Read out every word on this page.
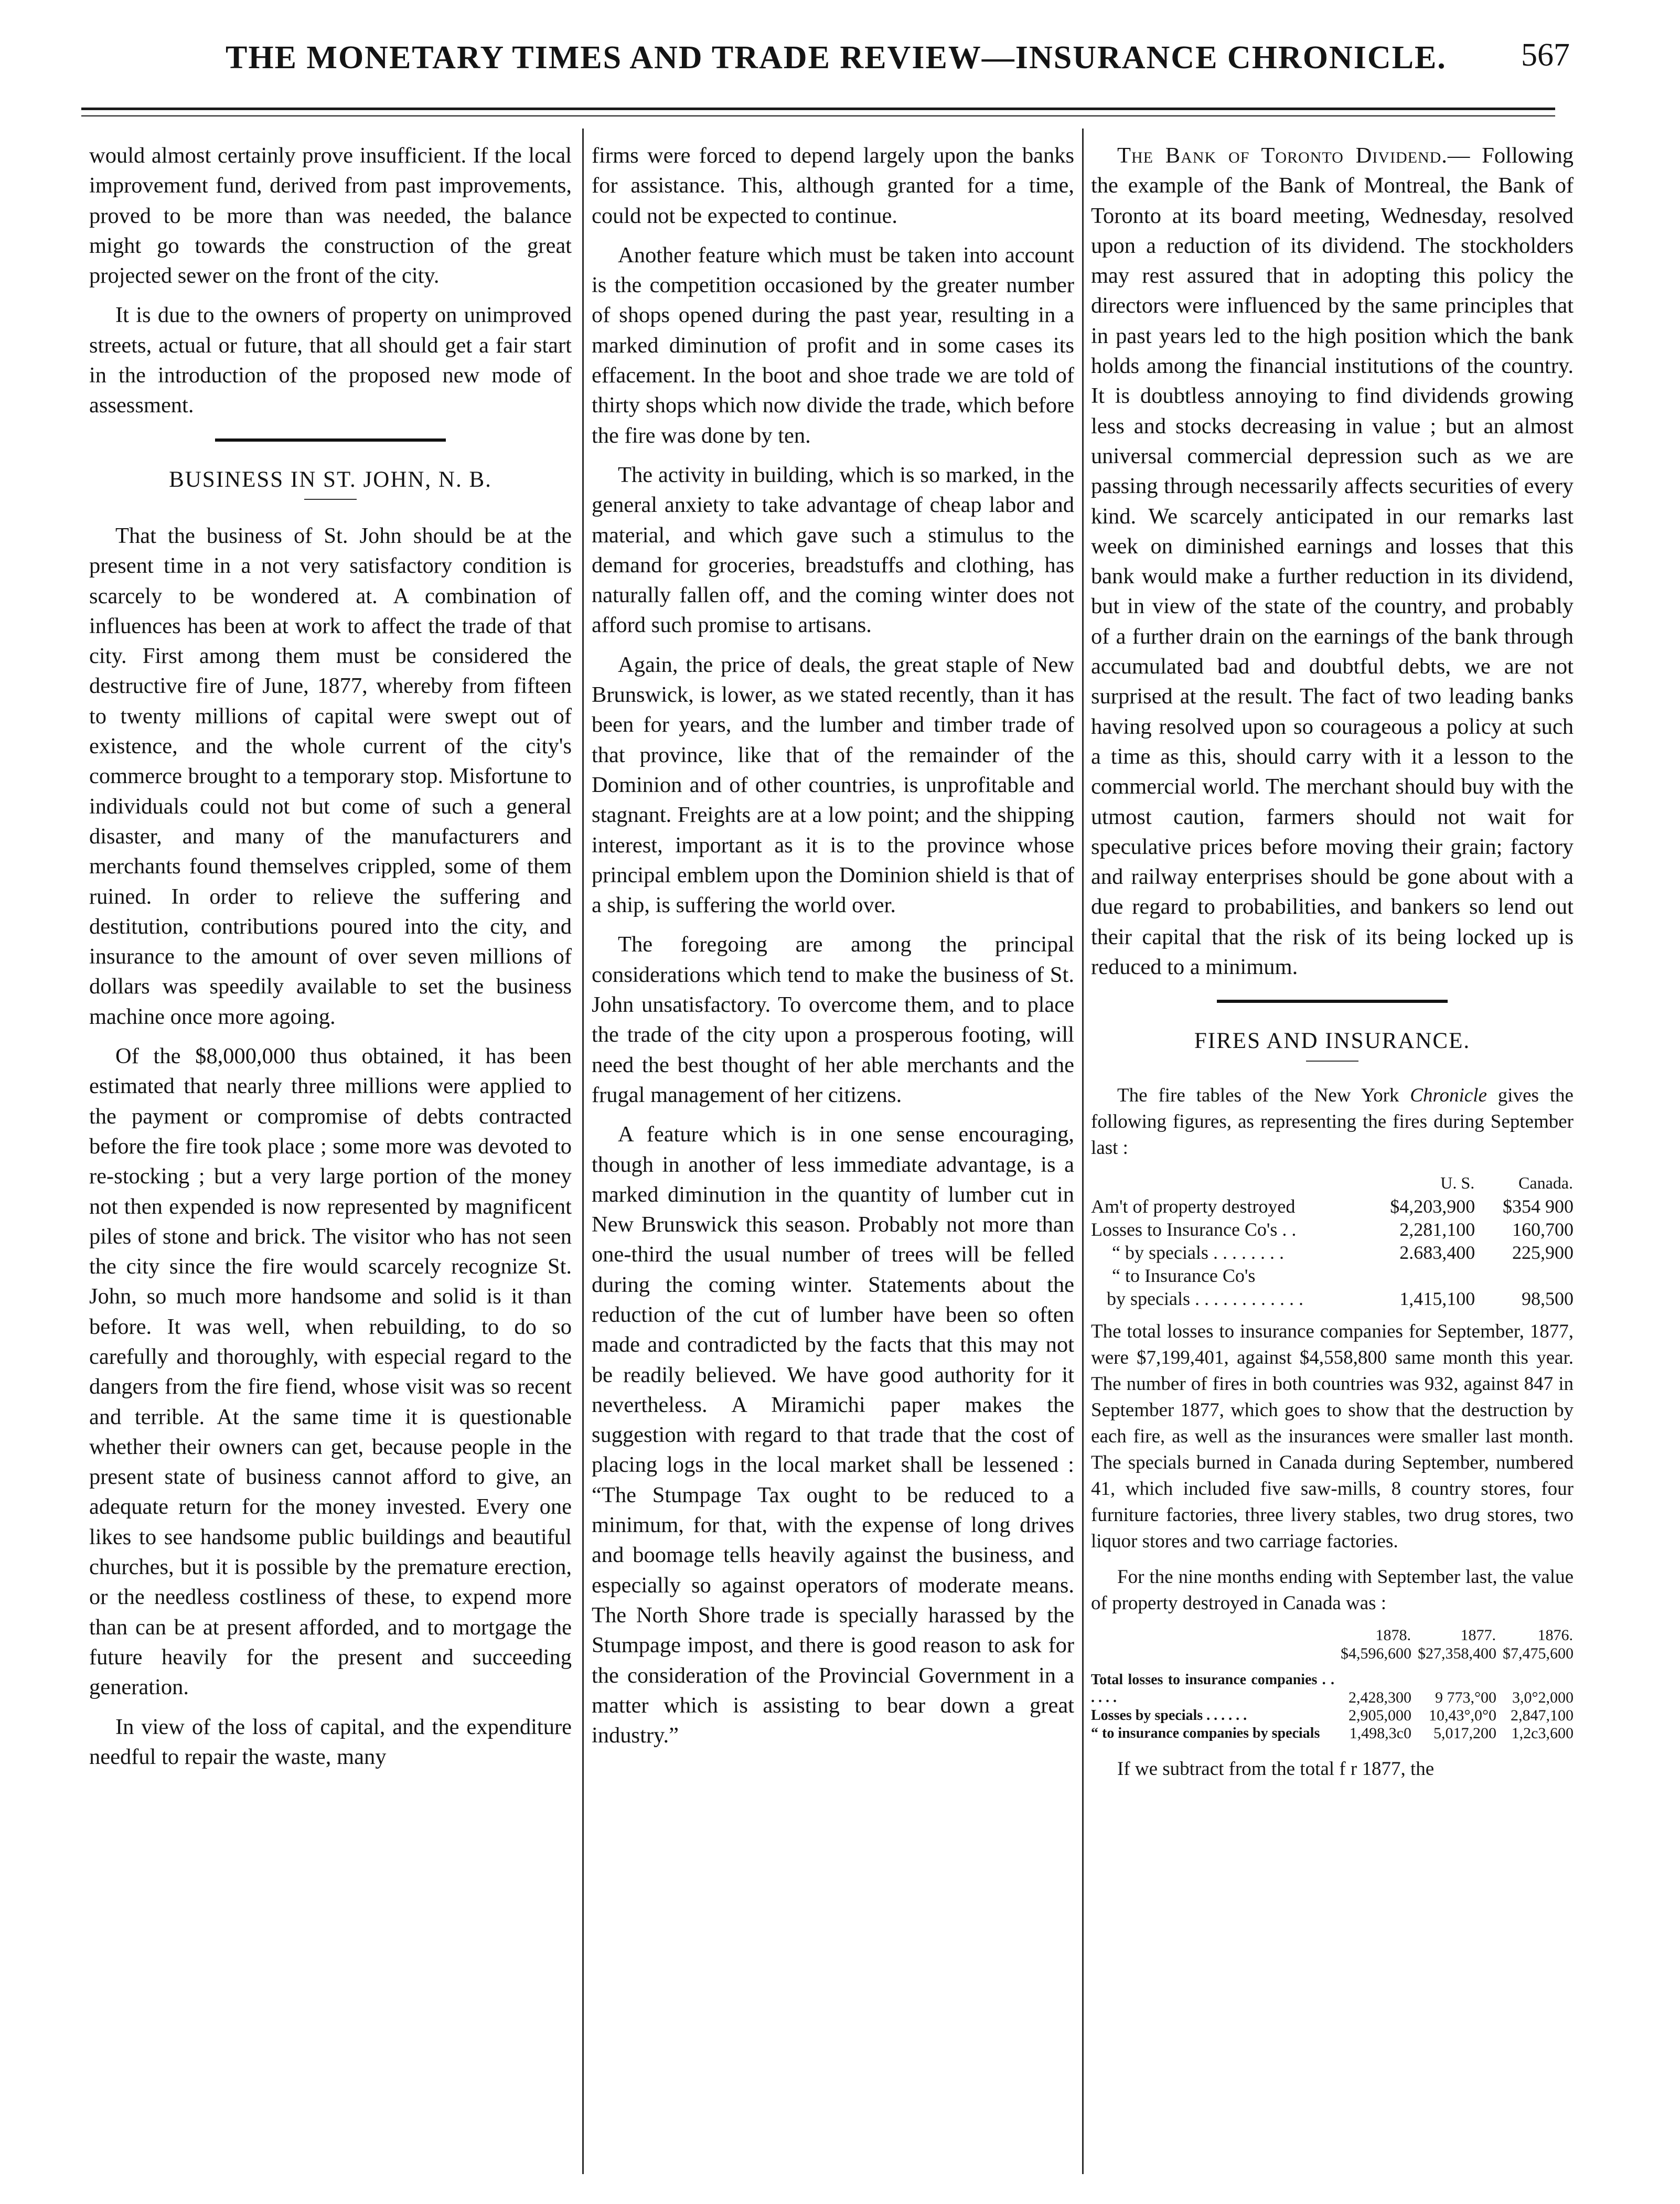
THE MONETARY TIMES AND TRADE REVIEW—INSURANCE CHRONICLE. 567

would almost certainly prove insufficient. If the local improvement fund, derived from past improvements, proved to be more than was needed, the balance might go towards the construction of the great projected sewer on the front of the city.

It is due to the owners of property on unimproved streets, actual or future, that all should get a fair start in the introduction of the proposed new mode of assessment.

BUSINESS IN ST. JOHN, N. B.

That the business of St. John should be at the present time in a not very satisfactory condition is scarcely to be wondered at. A combination of influences has been at work to affect the trade of that city. First among them must be considered the destructive fire of June, 1877, whereby from fifteen to twenty millions of capital were swept out of existence, and the whole current of the city's commerce brought to a temporary stop. Misfortune to individuals could not but come of such a general disaster, and many of the manufacturers and merchants found themselves crippled, some of them ruined. In order to relieve the suffering and destitution, contributions poured into the city, and insurance to the amount of over seven millions of dollars was speedily available to set the business machine once more agoing.

Of the $8,000,000 thus obtained, it has been estimated that nearly three millions were applied to the payment or compromise of debts contracted before the fire took place ; some more was devoted to re-stocking ; but a very large portion of the money not then expended is now represented by magnificent piles of stone and brick. The visitor who has not seen the city since the fire would scarcely recognize St. John, so much more handsome and solid is it than before. It was well, when rebuilding, to do so carefully and thoroughly, with especial regard to the dangers from the fire fiend, whose visit was so recent and terrible. At the same time it is questionable whether their owners can get, because people in the present state of business cannot afford to give, an adequate return for the money invested. Every one likes to see handsome public buildings and beautiful churches, but it is possible by the premature erection, or the needless costliness of these, to expend more than can be at present afforded, and to mortgage the future heavily for the present and succeeding generation.

In view of the loss of capital, and the expenditure needful to repair the waste, many

firms were forced to depend largely upon the banks for assistance. This, although granted for a time, could not be expected to continue.

Another feature which must be taken into account is the competition occasioned by the greater number of shops opened during the past year, resulting in a marked diminution of profit and in some cases its effacement. In the boot and shoe trade we are told of thirty shops which now divide the trade, which before the fire was done by ten.

The activity in building, which is so marked, in the general anxiety to take advantage of cheap labor and material, and which gave such a stimulus to the demand for groceries, breadstuffs and clothing, has naturally fallen off, and the coming winter does not afford such promise to artisans.

Again, the price of deals, the great staple of New Brunswick, is lower, as we stated recently, than it has been for years, and the lumber and timber trade of that province, like that of the remainder of the Dominion and of other countries, is unprofitable and stagnant. Freights are at a low point; and the shipping interest, important as it is to the province whose principal emblem upon the Dominion shield is that of a ship, is suffering the world over.

The foregoing are among the principal considerations which tend to make the business of St. John unsatisfactory. To overcome them, and to place the trade of the city upon a prosperous footing, will need the best thought of her able merchants and the frugal management of her citizens.

A feature which is in one sense encouraging, though in another of less immediate advantage, is a marked diminution in the quantity of lumber cut in New Brunswick this season. Probably not more than one-third the usual number of trees will be felled during the coming winter. Statements about the reduction of the cut of lumber have been so often made and contradicted by the facts that this may not be readily believed. We have good authority for it nevertheless. A Miramichi paper makes the suggestion with regard to that trade that the cost of placing logs in the local market shall be lessened : “The Stumpage Tax ought to be reduced to a minimum, for that, with the expense of long drives and boomage tells heavily against the business, and especially so against operators of moderate means. The North Shore trade is specially harassed by the Stumpage impost, and there is good reason to ask for the consideration of the Provincial Government in a matter which is assisting to bear down a great industry.”

The Bank of Toronto Dividend.— Following the example of the Bank of Montreal, the Bank of Toronto at its board meeting, Wednesday, resolved upon a reduction of its dividend. The stockholders may rest assured that in adopting this policy the directors were influenced by the same principles that in past years led to the high position which the bank holds among the financial institutions of the country. It is doubtless annoying to find dividends growing less and stocks decreasing in value ; but an almost universal commercial depression such as we are passing through necessarily affects securities of every kind. We scarcely anticipated in our remarks last week on diminished earnings and losses that this bank would make a further reduction in its dividend, but in view of the state of the country, and probably of a further drain on the earnings of the bank through accumulated bad and doubtful debts, we are not surprised at the result. The fact of two leading banks having resolved upon so courageous a policy at such a time as this, should carry with it a lesson to the commercial world. The merchant should buy with the utmost caution, farmers should not wait for speculative prices before moving their grain; factory and railway enterprises should be gone about with a due regard to probabilities, and bankers so lend out their capital that the risk of its being locked up is reduced to a minimum.

FIRES AND INSURANCE.

The fire tables of the New York Chronicle gives the following figures, as representing the fires during September last :

	U. S.	Canada.
Am't of property destroyed	$4,203,900	$354 900
Losses to Insurance Co's . .	2,281,100	160,700
“ by specials . . . . . . . .	2.683,400	225,900
“ to Insurance Co's		
by specials . . . . . . . . . . . .	1,415,100	98,500

The total losses to insurance companies for September, 1877, were $7,199,401, against $4,558,800 same month this year. The number of fires in both countries was 932, against 847 in September 1877, which goes to show that the destruction by each fire, as well as the insurances were smaller last month. The specials burned in Canada during September, numbered 41, which included five saw-mills, 8 country stores, four furniture factories, three livery stables, two drug stores, two liquor stores and two carriage factories.

For the nine months ending with September last, the value of property destroyed in Canada was :

	1878.	1877.	1876.
	$4,596,600	$27,358,400	$7,475,600
Total losses to insurance companies . . . . . .	2,428,300	9 773,°00	3,0°2,000
Losses by specials . . . . . .	2,905,000	10,43°,0°0	2,847,100
“ to insurance companies by specials	1,498,3c0	5,017,200	1,2c3,600

If we subtract from the total f r 1877, the
